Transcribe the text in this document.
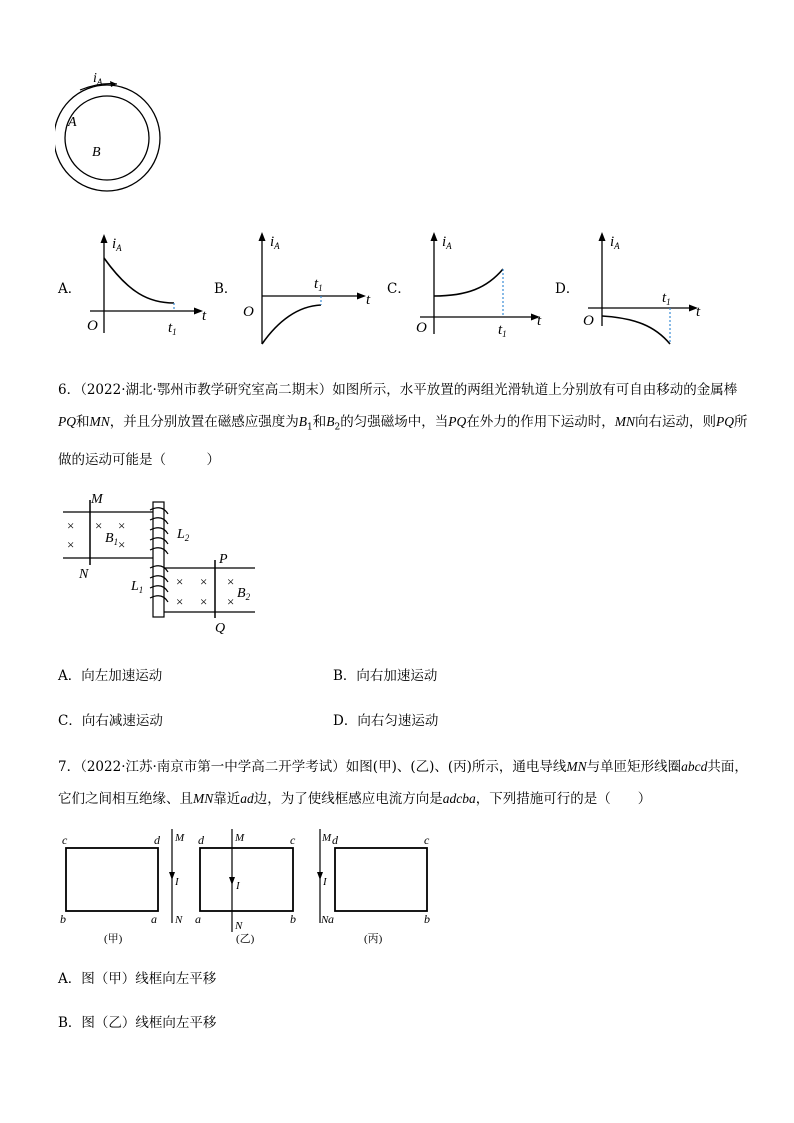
$i_A$
A
B
A．
$i_A$
t
O	$t_1$
B．
$i_A$
t
O
$t_1$	C．
$i_A$
t
O	$t_1$
D．
$i_A$
t
O
$t_1$
6．（2022·湖北·鄂州市教学研究室高二期末）如图所示，水平放置的两组光滑轨道上分别放有可自由移动的金属棒PQ和MN，并且分别放置在磁感应强度为$B_1$和$B_2$的匀强磁场中，当PQ在外力的作用下运动时，MN向右运动，则PQ所做的运动可能是（　　　）
M
N
×
×
× ×
$B_1$ ×
$L_2$
$L_1$
P
Q
× × ×
× × ×
$B_2$
A．向左加速运动	B．向右加速运动
C．向右减速运动	D．向右匀速运动
7．（2022·江苏·南京市第一中学高二开学考试）如图(甲)、(乙)、(丙)所示，通电导线MN与单匝矩形线圈abcd共面，它们之间相互绝缘、且MN靠近ad边，为了使线框感应电流方向是adcba，下列措施可行的是（　　）
c	d
b	a
M
I
N
(甲)
d	c
a	b
M
I
N
(乙)
d	c
a	b
M
I
N
(丙)
A．图（甲）线框向左平移
B．图（乙）线框向左平移
